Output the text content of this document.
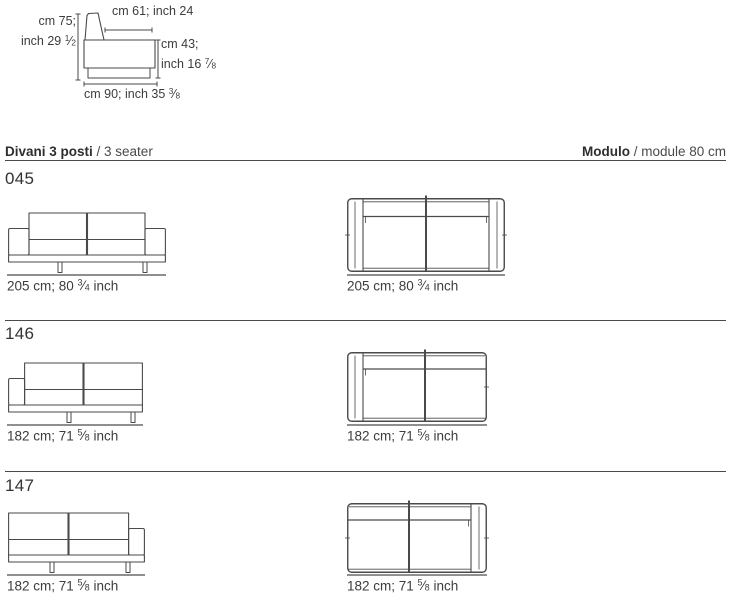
cm 61; inch 24
cm 75;
inch 29 $^1⁄_2$	cm 43;
inch 16 $^7⁄_8$
cm 90; inch 35 $^3⁄_8$
Divani 3 posti / 3 seater	Modulo / module 80 cm
045
205 cm; 80 $^3⁄_4$ inch	205 cm; 80 $^3⁄_4$ inch
146
182 cm; 71 $^5⁄_8$ inch	182 cm; 71 $^5⁄_8$ inch
147
182 cm; 71 $^5⁄_8$ inch	182 cm; 71 $^5⁄_8$ inch
